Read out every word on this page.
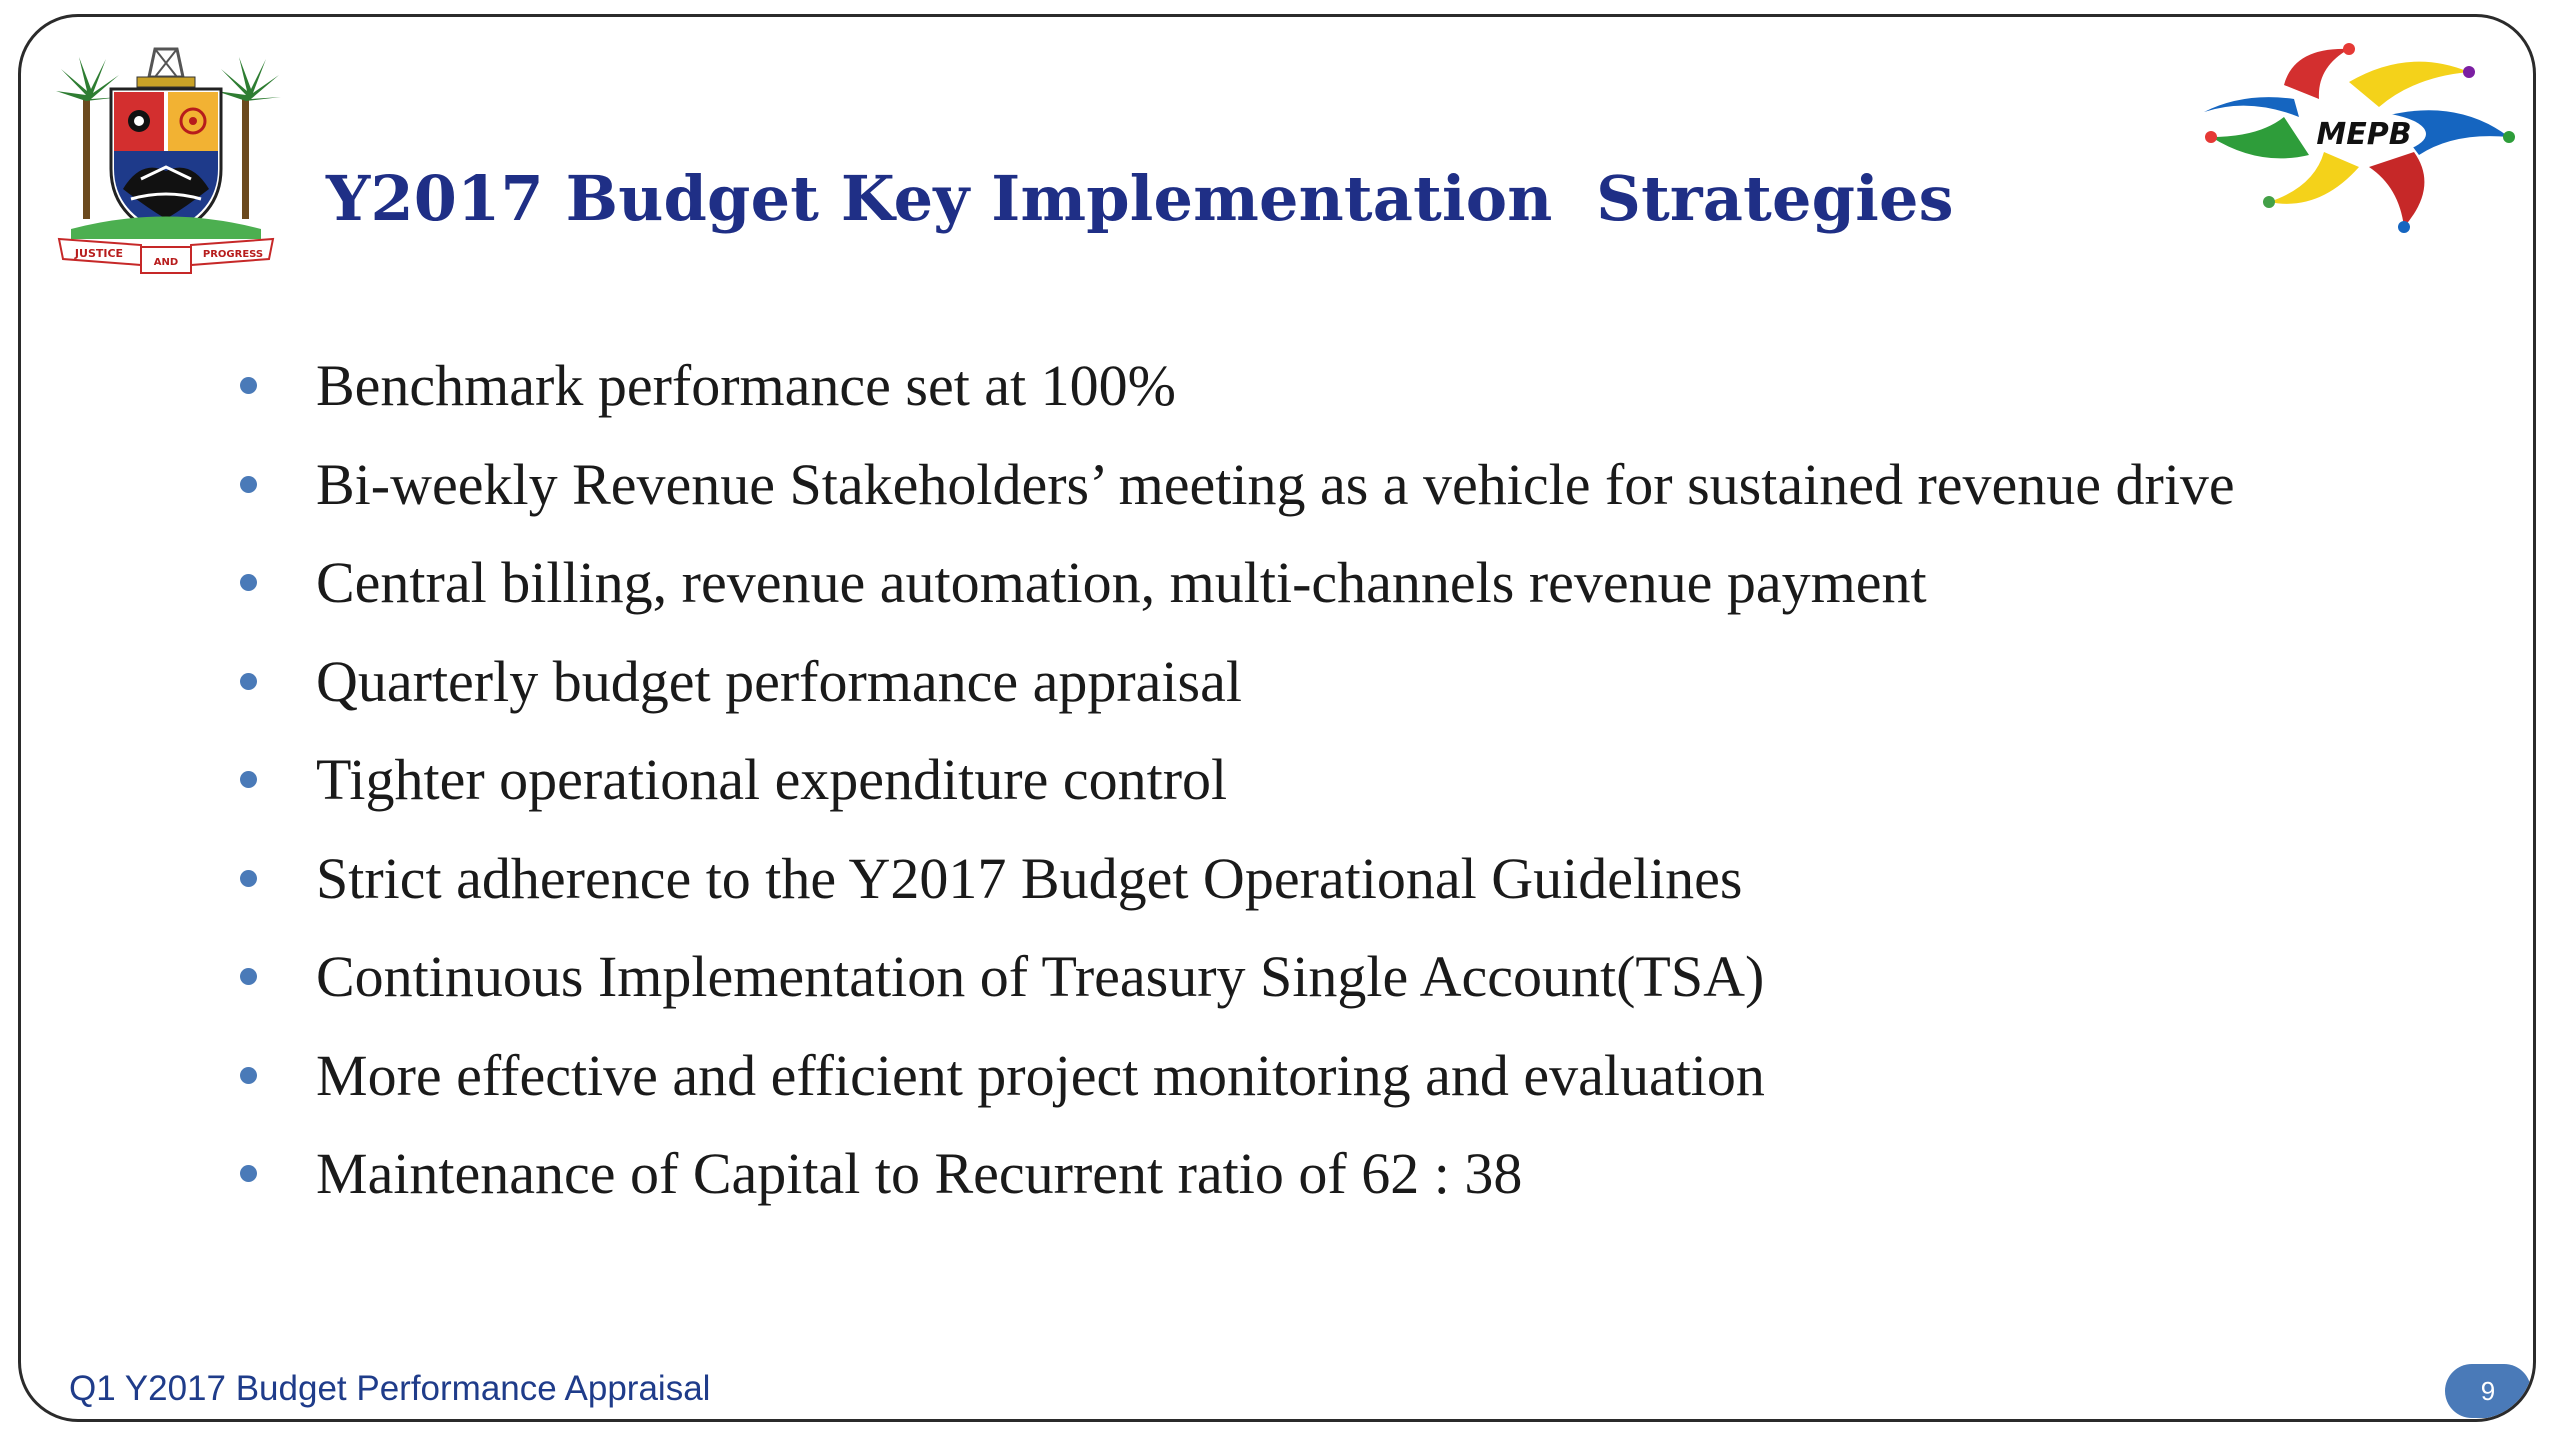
JUSTICE
AND
PROGRESS
MEPB
Y2017 Budget Key Implementation  Strategies
Benchmark performance set at 100%
Bi-weekly Revenue Stakeholders’ meeting as a vehicle for sustained revenue drive
Central billing, revenue automation, multi-channels revenue payment
Quarterly budget performance appraisal
Tighter operational expenditure control
Strict adherence to the Y2017 Budget Operational Guidelines
Continuous Implementation of Treasury Single Account(TSA)
More effective and efficient project monitoring and evaluation
Maintenance of Capital to Recurrent ratio of 62 : 38
Q1 Y2017 Budget Performance Appraisal	9
